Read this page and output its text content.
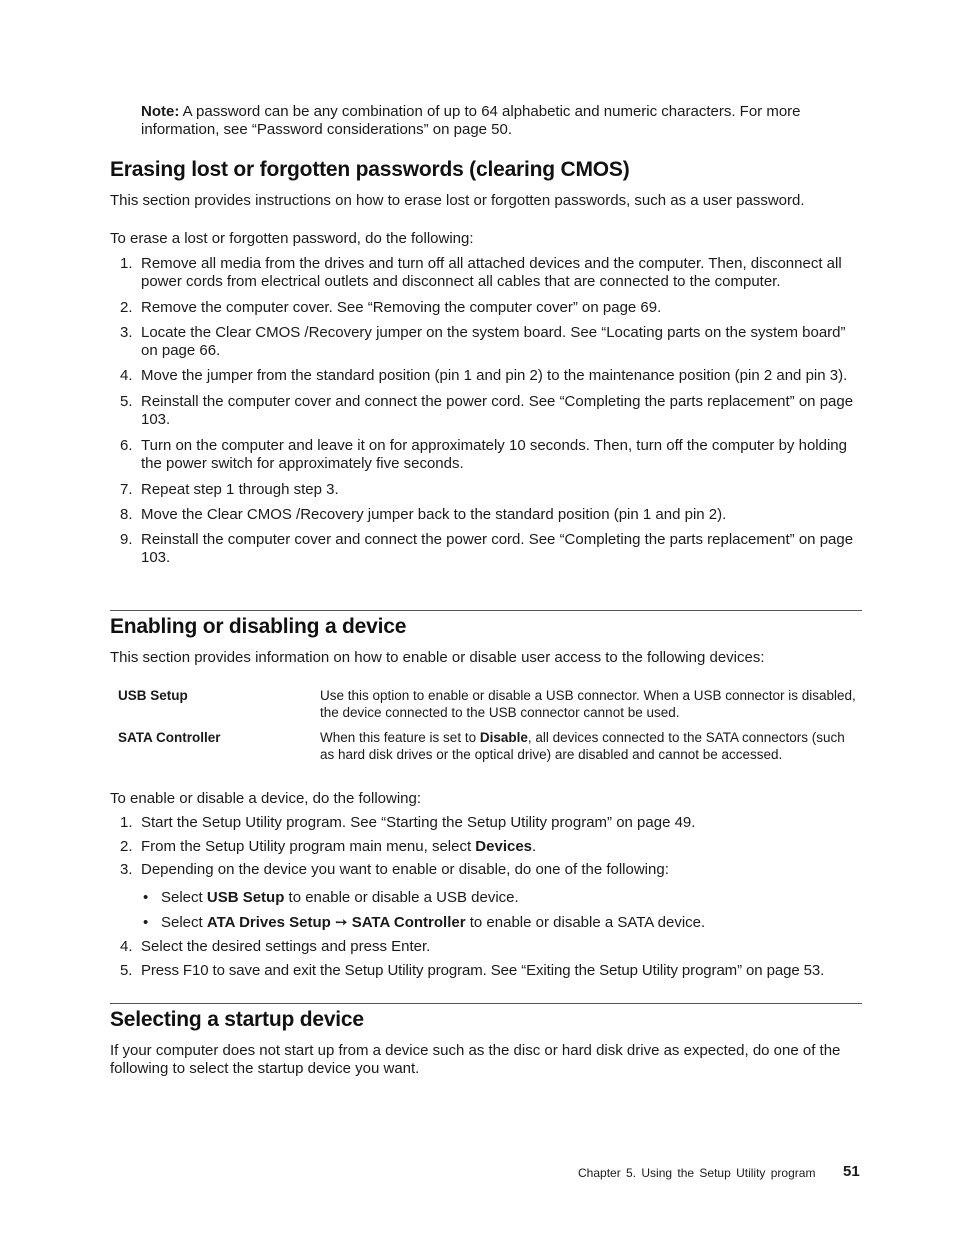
Note: A password can be any combination of up to 64 alphabetic and numeric characters. For more information, see “Password considerations” on page 50.

Erasing lost or forgotten passwords (clearing CMOS)

This section provides instructions on how to erase lost or forgotten passwords, such as a user password.

To erase a lost or forgotten password, do the following:

1. Remove all media from the drives and turn off all attached devices and the computer. Then, disconnect all power cords from electrical outlets and disconnect all cables that are connected to the computer.
2. Remove the computer cover. See “Removing the computer cover” on page 69.
3. Locate the Clear CMOS /Recovery jumper on the system board. See “Locating parts on the system board” on page 66.
4. Move the jumper from the standard position (pin 1 and pin 2) to the maintenance position (pin 2 and pin 3).
5. Reinstall the computer cover and connect the power cord. See “Completing the parts replacement” on page 103.
6. Turn on the computer and leave it on for approximately 10 seconds. Then, turn off the computer by holding the power switch for approximately five seconds.
7. Repeat step 1 through step 3.
8. Move the Clear CMOS /Recovery jumper back to the standard position (pin 1 and pin 2).
9. Reinstall the computer cover and connect the power cord. See “Completing the parts replacement” on page 103.
Enabling or disabling a device

This section provides information on how to enable or disable user access to the following devices:

USB Setup	Use this option to enable or disable a USB connector. When a USB connector is disabled, the device connected to the USB connector cannot be used.
SATA Controller	When this feature is set to Disable, all devices connected to the SATA connectors (such as hard disk drives or the optical drive) are disabled and cannot be accessed.

To enable or disable a device, do the following:

1. Start the Setup Utility program. See “Starting the Setup Utility program” on page 49.
2. From the Setup Utility program main menu, select Devices.
3. Depending on the device you want to enable or disable, do one of the following:
• Select USB Setup to enable or disable a USB device.
• Select ATA Drives Setup ➙ SATA Controller to enable or disable a SATA device.
4. Select the desired settings and press Enter.
5. Press F10 to save and exit the Setup Utility program. See “Exiting the Setup Utility program” on page 53.
Selecting a startup device

If your computer does not start up from a device such as the disc or hard disk drive as expected, do one of the following to select the startup device you want.

Chapter 5. Using the Setup Utility program 51
